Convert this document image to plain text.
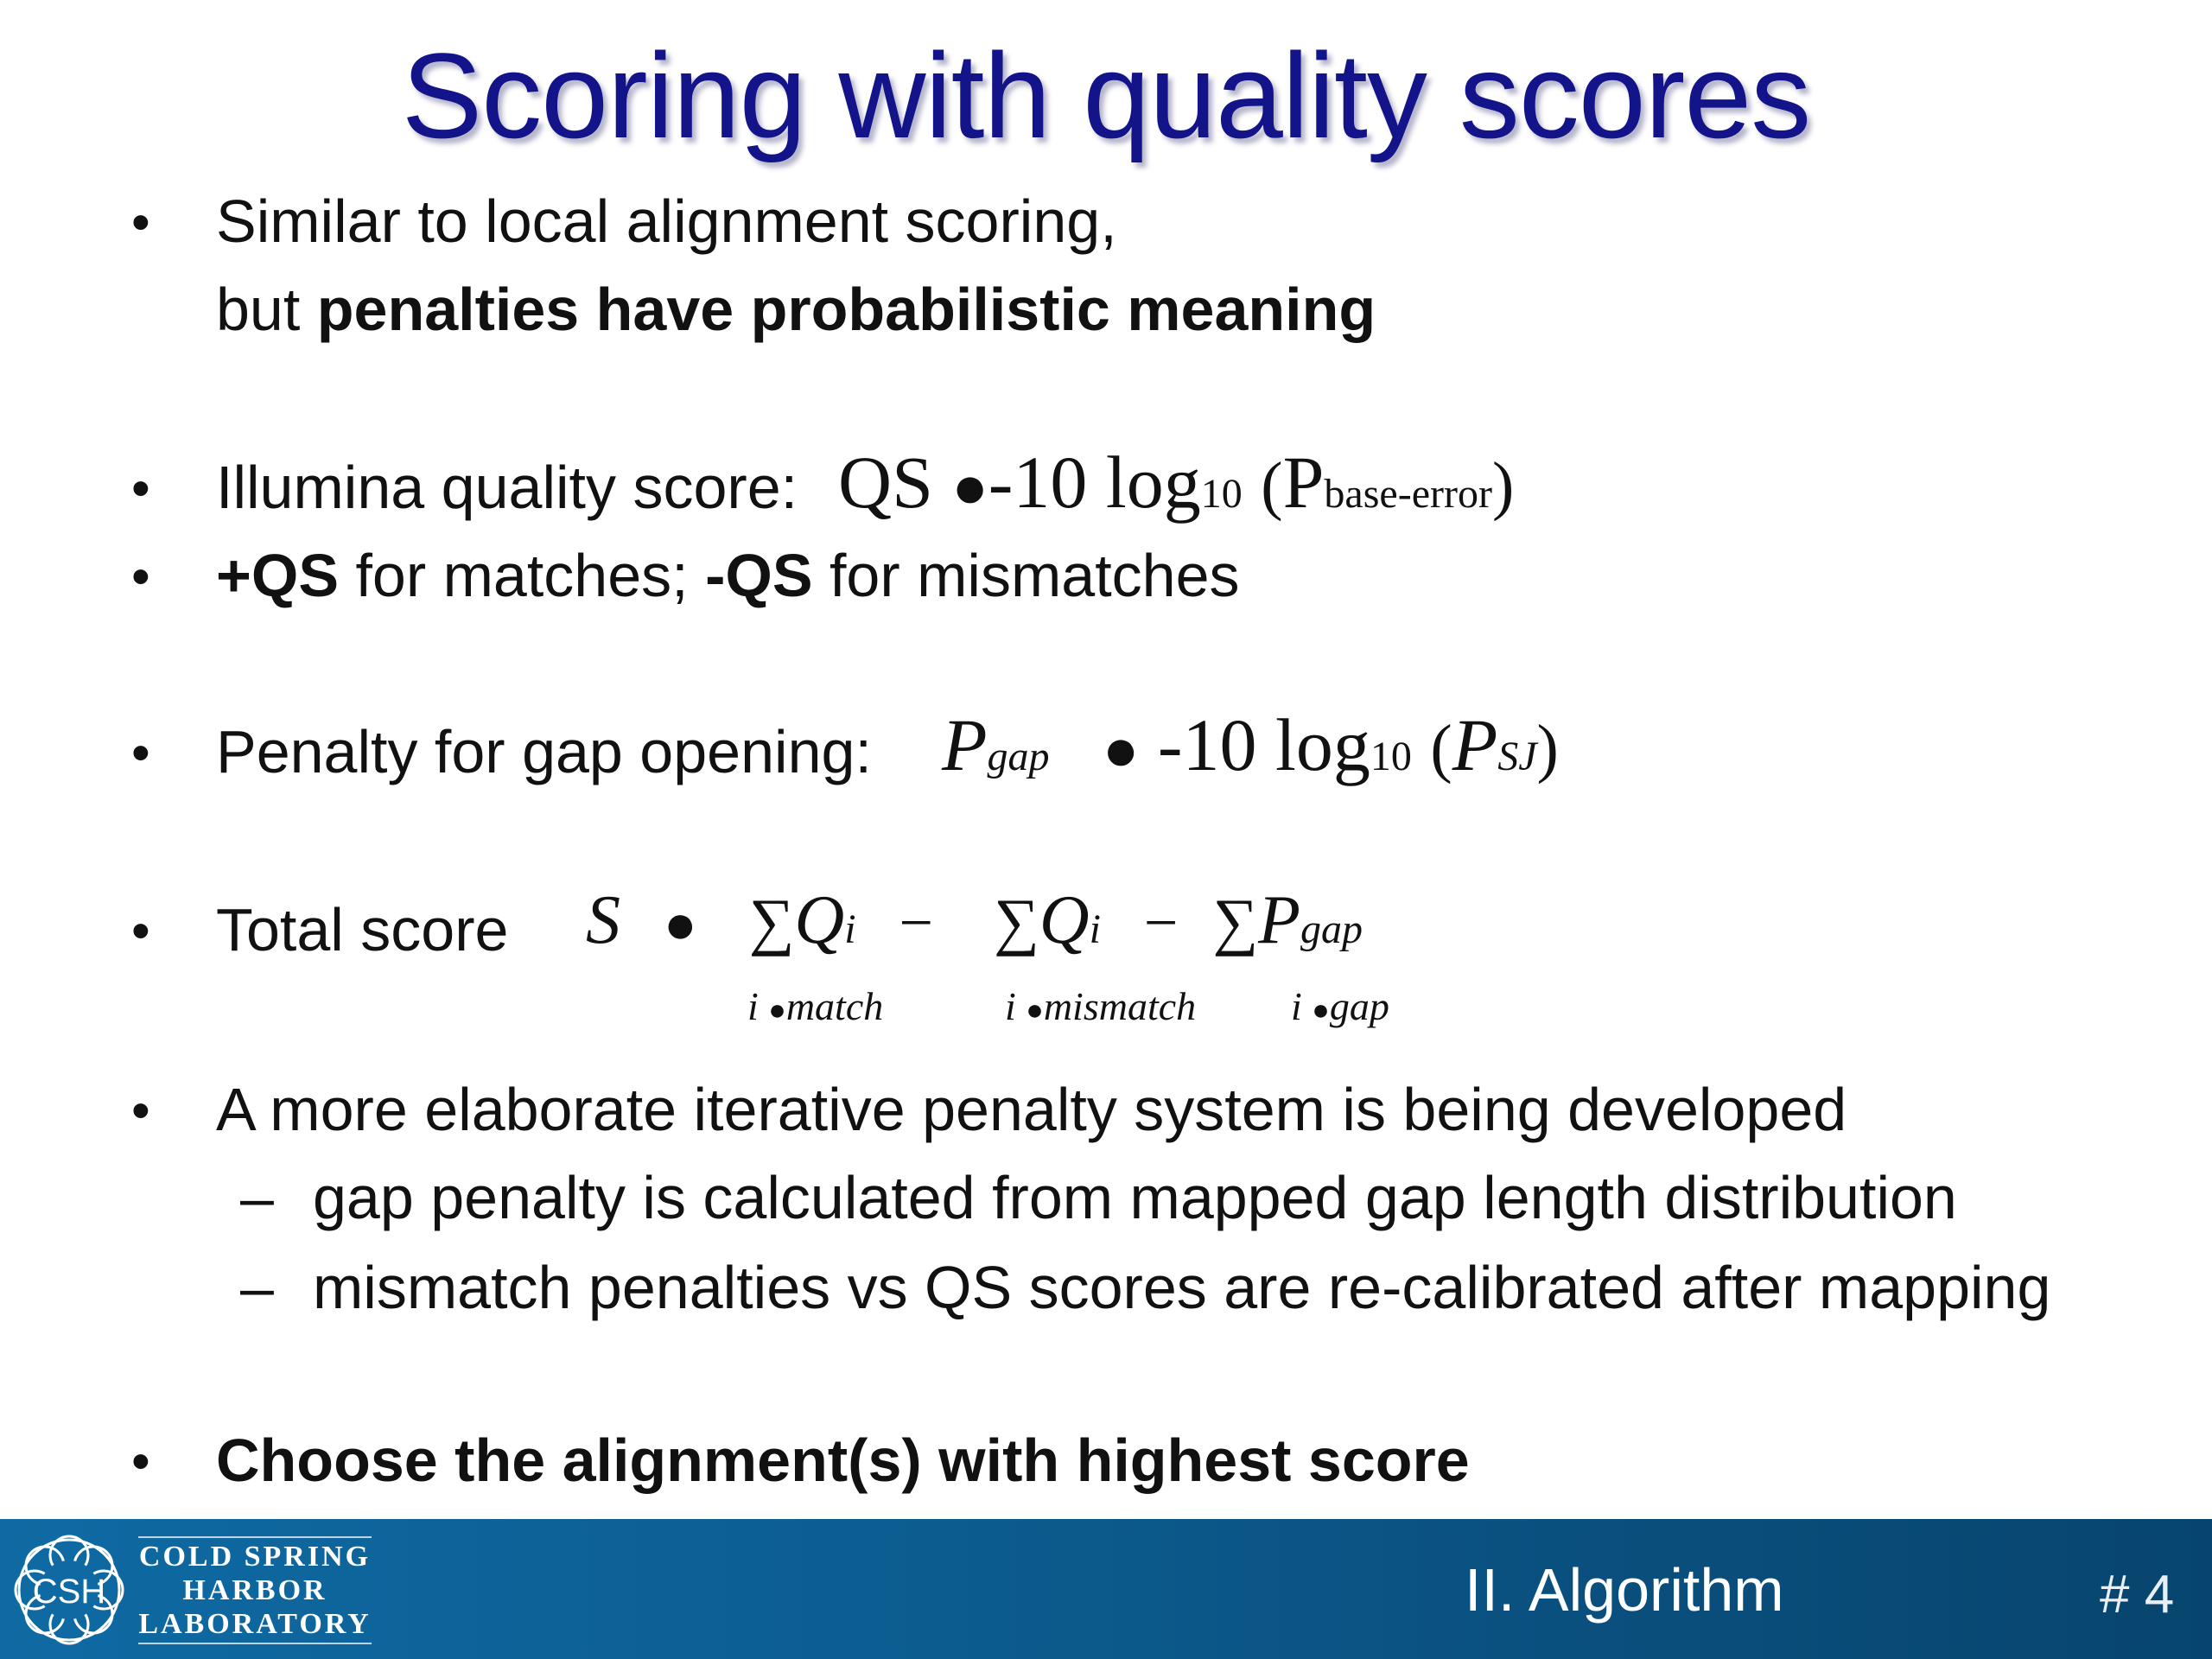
Scoring with quality scores
• Similar to local alignment scoring,
but penalties have probabilistic meaning
• Illumina quality score: QS ●-10 log10 (Pbase-error)
• +QS for matches; -QS for mismatches
• Penalty for gap opening: Pgap ● -10 log10 (PSJ)
• Total score S ● ∑Qi − ∑Qi − ∑Pgap
i ●match	i ●mismatch i ●gap
• A more elaborate iterative penalty system is being developed
– gap penalty is calculated from mapped gap length distribution
– mismatch penalties vs QS scores are re-calibrated after mapping
• Choose the alignment(s) with highest score
CSH
COLD SPRING
HARBOR
LABORATORY
II. Algorithm	# 4
